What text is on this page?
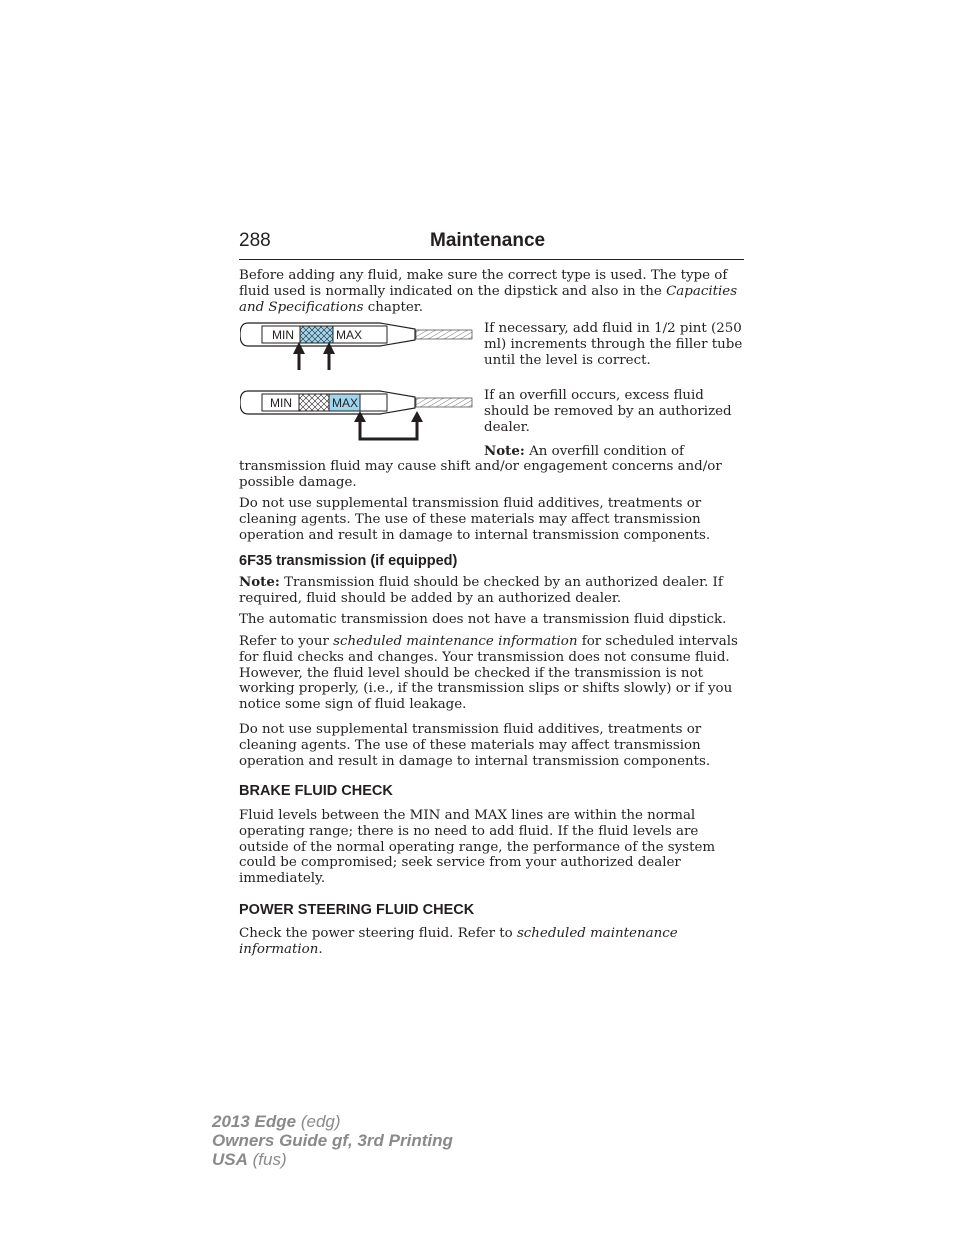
288	Maintenance

Before adding any fluid, make sure the correct type is used. The type of fluid used is normally indicated on the dipstick and also in the Capacities and Specifications chapter.

MIN	MAX	If necessary, add fluid in 1/2 pint (250 ml) increments through the filler tube until the level is correct.

MIN	MAX	If an overfill occurs, excess fluid should be removed by an authorized dealer.

Note: An overfill condition of

transmission fluid may cause shift and/or engagement concerns and/or possible damage.

Do not use supplemental transmission fluid additives, treatments or cleaning agents. The use of these materials may affect transmission operation and result in damage to internal transmission components.

6F35 transmission (if equipped)

Note: Transmission fluid should be checked by an authorized dealer. If required, fluid should be added by an authorized dealer.

The automatic transmission does not have a transmission fluid dipstick.

Refer to your scheduled maintenance information for scheduled intervals for fluid checks and changes. Your transmission does not consume fluid. However, the fluid level should be checked if the transmission is not working properly, (i.e., if the transmission slips or shifts slowly) or if you notice some sign of fluid leakage.

Do not use supplemental transmission fluid additives, treatments or cleaning agents. The use of these materials may affect transmission operation and result in damage to internal transmission components.

BRAKE FLUID CHECK

Fluid levels between the MIN and MAX lines are within the normal operating range; there is no need to add fluid. If the fluid levels are outside of the normal operating range, the performance of the system could be compromised; seek service from your authorized dealer immediately.

POWER STEERING FLUID CHECK

Check the power steering fluid. Refer to scheduled maintenance information.

2013 Edge (edg)
Owners Guide gf, 3rd Printing
USA (fus)
